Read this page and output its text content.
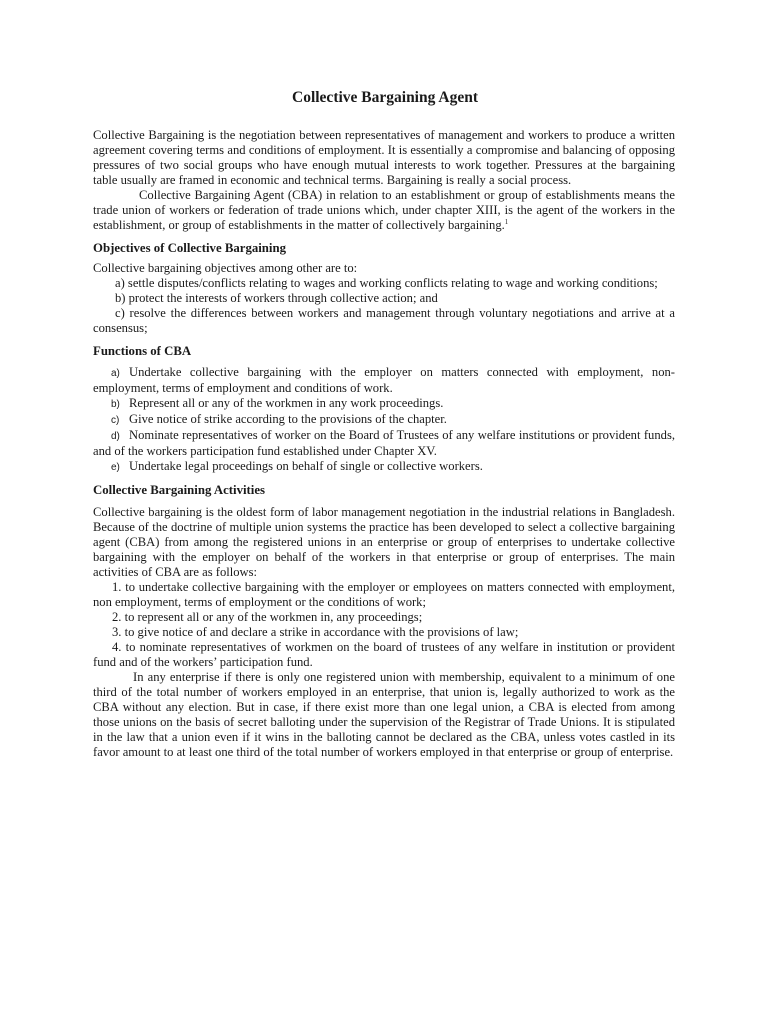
Collective Bargaining Agent

Collective Bargaining is the negotiation between representatives of management and workers to produce a written agreement covering terms and conditions of employment. It is essentially a compromise and balancing of opposing pressures of two social groups who have enough mutual interests to work together. Pressures at the bargaining table usually are framed in economic and technical terms. Bargaining is really a social process.

Collective Bargaining Agent (CBA) in relation to an establishment or group of establishments means the trade union of workers or federation of trade unions which, under chapter XIII, is the agent of the workers in the establishment, or group of establishments in the matter of collectively bargaining.$^1$

Objectives of Collective Bargaining

Collective bargaining objectives among other are to:

a) settle disputes/conflicts relating to wages and working conflicts relating to wage and working conditions;

b) protect the interests of workers through collective action; and

c) resolve the differences between workers and management through voluntary negotiations and arrive at a consensus;

Functions of CBA

a) Undertake collective bargaining with the employer on matters connected with employment, non-employment, terms of employment and conditions of work.

b) Represent all or any of the workmen in any work proceedings.

c) Give notice of strike according to the provisions of the chapter.

d) Nominate representatives of worker on the Board of Trustees of any welfare institutions or provident funds, and of the workers participation fund established under Chapter XV.

e) Undertake legal proceedings on behalf of single or collective workers.

Collective Bargaining Activities

Collective bargaining is the oldest form of labor management negotiation in the industrial relations in Bangladesh. Because of the doctrine of multiple union systems the practice has been developed to select a collective bargaining agent (CBA) from among the registered unions in an enterprise or group of enterprises to undertake collective bargaining with the employer on behalf of the workers in that enterprise or group of enterprises. The main activities of CBA are as follows:

1. to undertake collective bargaining with the employer or employees on matters connected with employment, non employment, terms of employment or the conditions of work;

2. to represent all or any of the workmen in, any proceedings;

3. to give notice of and declare a strike in accordance with the provisions of law;

4. to nominate representatives of workmen on the board of trustees of any welfare in institution or provident fund and of the workers’ participation fund.

In any enterprise if there is only one registered union with membership, equivalent to a minimum of one third of the total number of workers employed in an enterprise, that union is, legally authorized to work as the CBA without any election. But in case, if there exist more than one legal union, a CBA is elected from among those unions on the basis of secret balloting under the supervision of the Registrar of Trade Unions. It is stipulated in the law that a union even if it wins in the balloting cannot be declared as the CBA, unless votes castled in its favor amount to at least one third of the total number of workers employed in that enterprise or group of enterprise.
